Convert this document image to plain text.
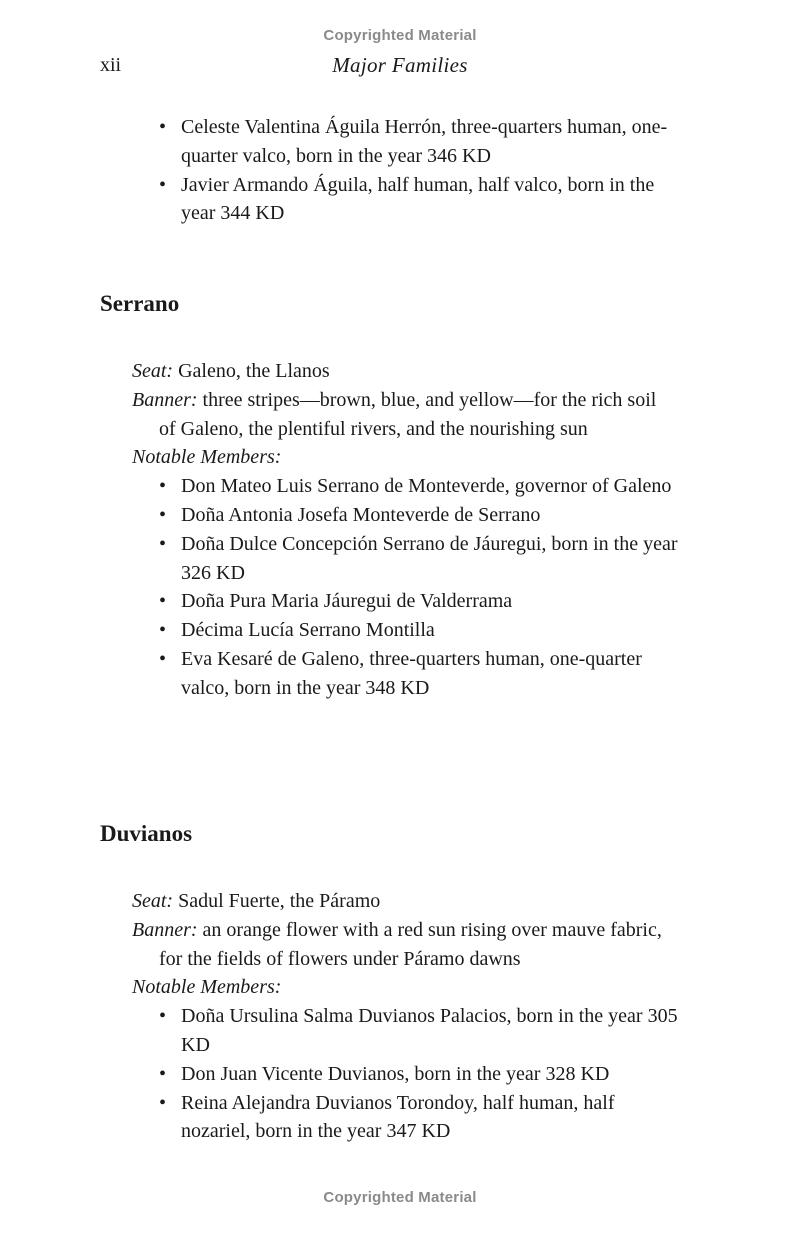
Copyrighted Material
xii	Major Families
• Celeste Valentina Águila Herrón, three-quarters human, one-quarter valco, born in the year 346 KD
• Javier Armando Águila, half human, half valco, born in the year 344 KD
Serrano
Seat: Galeno, the Llanos
Banner: three stripes—brown, blue, and yellow—for the rich soil of Galeno, the plentiful rivers, and the nourishing sun
Notable Members:
• Don Mateo Luis Serrano de Monteverde, governor of Galeno
• Doña Antonia Josefa Monteverde de Serrano
• Doña Dulce Concepción Serrano de Jáuregui, born in the year 326 KD
• Doña Pura Maria Jáuregui de Valderrama
• Décima Lucía Serrano Montilla
• Eva Kesaré de Galeno, three-quarters human, one-quarter valco, born in the year 348 KD
Duvianos
Seat: Sadul Fuerte, the Páramo
Banner: an orange flower with a red sun rising over mauve fabric, for the fields of flowers under Páramo dawns
Notable Members:
• Doña Ursulina Salma Duvianos Palacios, born in the year 305 KD
• Don Juan Vicente Duvianos, born in the year 328 KD
• Reina Alejandra Duvianos Torondoy, half human, half nozariel, born in the year 347 KD
Copyrighted Material
